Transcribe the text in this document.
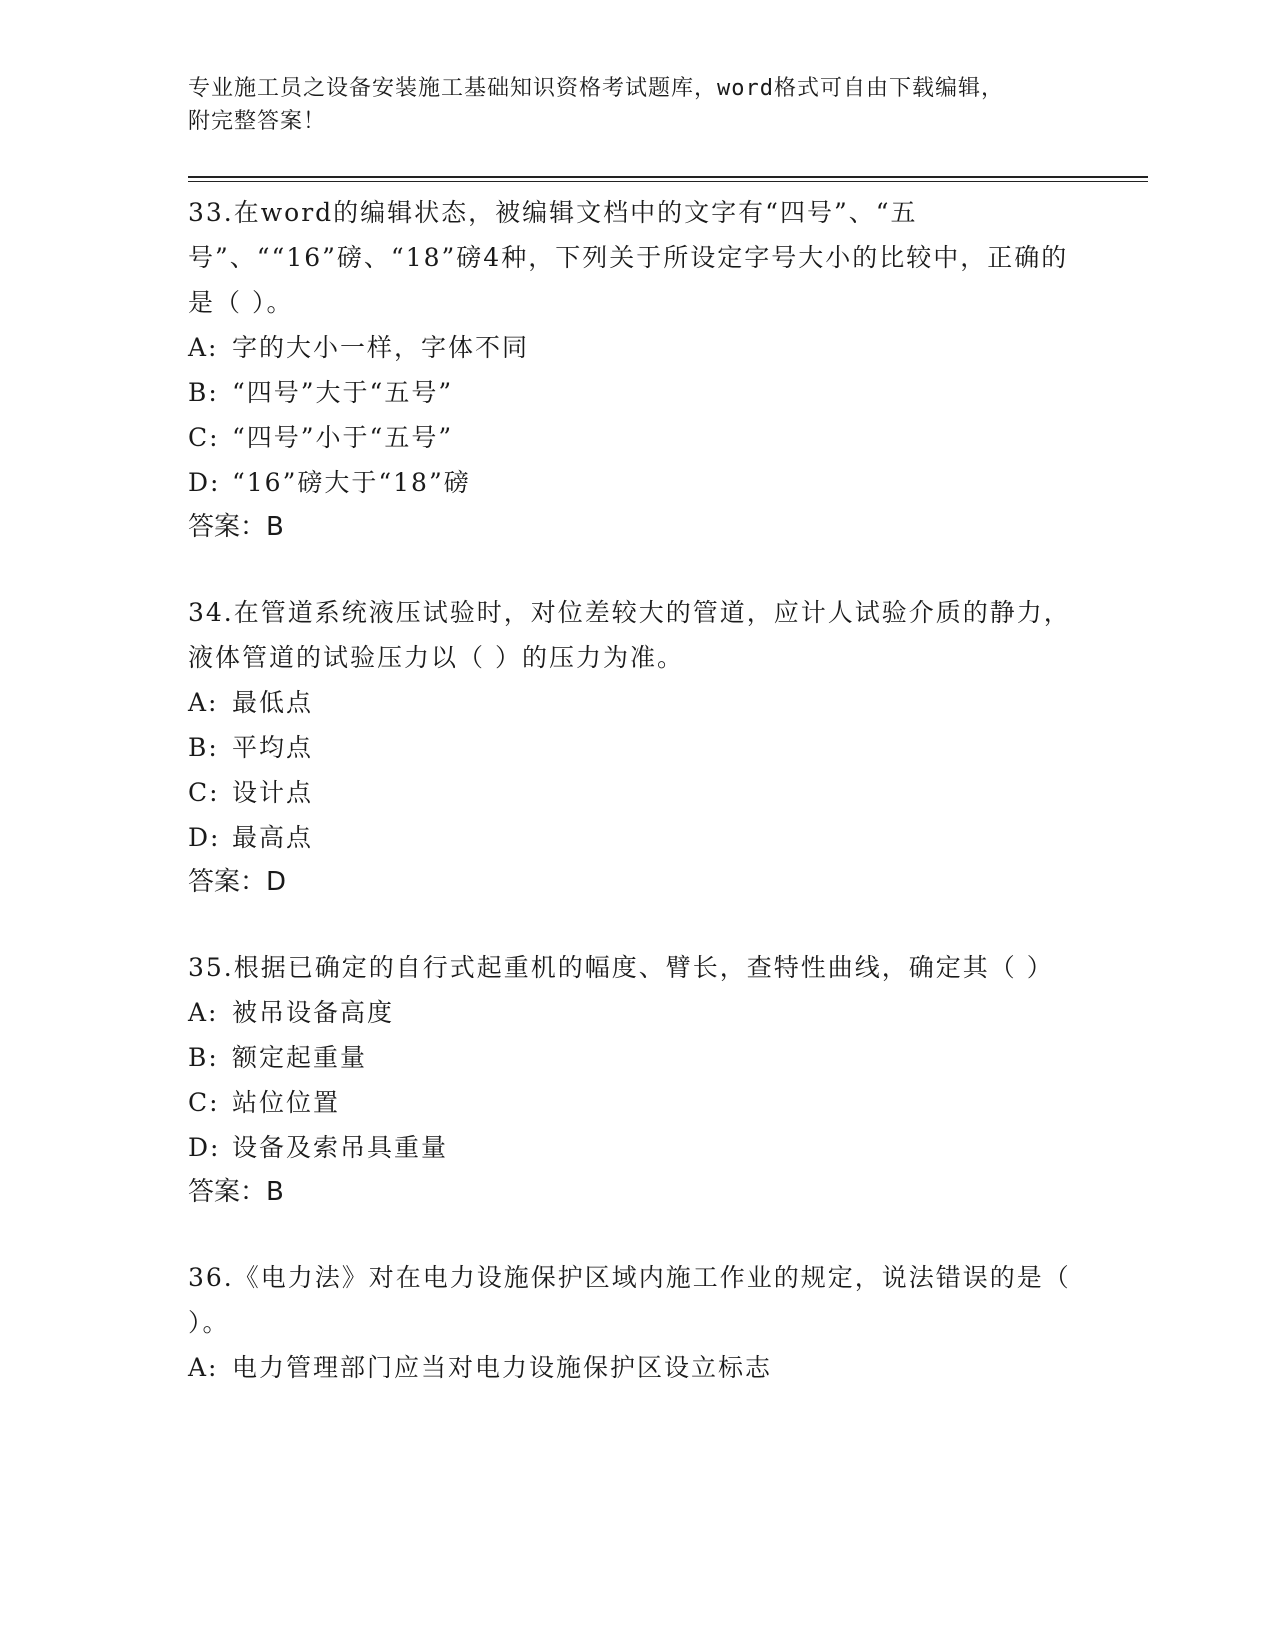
专业施工员之设备安装施工基础知识资格考试题库，word格式可自由下载编辑，
附完整答案！

33.在word的编辑状态，被编辑文档中的文字有“四号”、“五号”、““16”磅、“18”磅4种，下列关于所设定字号大小的比较中，正确的是（ ）。

A: 字的大小一样，字体不同

B: “四号”大于“五号”

C: “四号”小于“五号”

D: “16”磅大于“18”磅

答案：B

34.在管道系统液压试验时，对位差较大的管道，应计人试验介质的静力，液体管道的试验压力以（ ）的压力为准。

A: 最低点

B: 平均点

C: 设计点

D: 最高点

答案：D

35.根据已确定的自行式起重机的幅度、臂长，查特性曲线，确定其（ ）

A: 被吊设备高度

B: 额定起重量

C: 站位位置

D: 设备及索吊具重量

答案：B

36.《电力法》对在电力设施保护区域内施工作业的规定，说法错误的是（ ）。

A: 电力管理部门应当对电力设施保护区设立标志
